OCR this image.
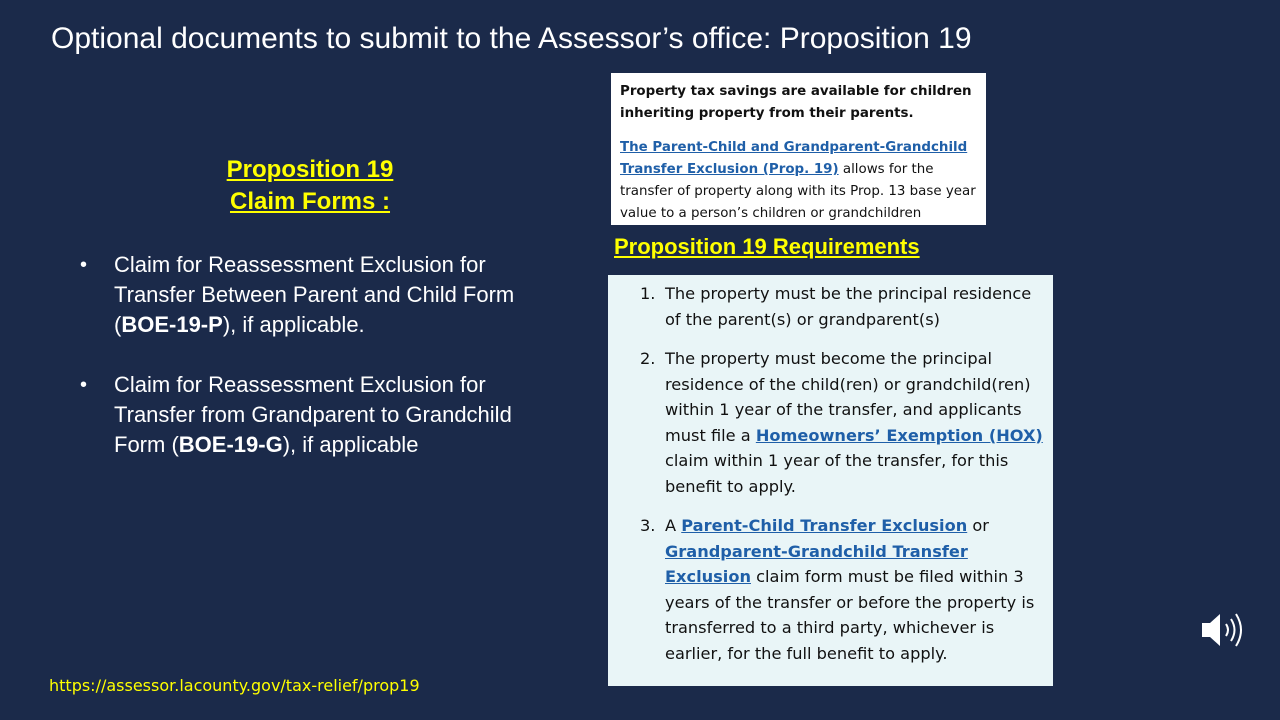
Optional documents to submit to the Assessor’s office: Proposition 19
Proposition 19
Claim Forms :
• Claim for Reassessment Exclusion for Transfer Between Parent and Child Form (BOE-19-P), if applicable.
• Claim for Reassessment Exclusion for Transfer from Grandparent to Grandchild Form (BOE-19-G), if applicable
https://assessor.lacounty.gov/tax-relief/prop19

Property tax savings are available for children inheriting property from their parents.

The Parent-Child and Grandparent-Grandchild Transfer Exclusion (Prop. 19) allows for the transfer of property along with its Prop. 13 base year value to a person’s children or grandchildren

Proposition 19 Requirements
1. The property must be the principal residence of the parent(s) or grandparent(s)
2. The property must become the principal residence of the child(ren) or grandchild(ren) within 1 year of the transfer, and applicants must file a Homeowners’ Exemption (HOX) claim within 1 year of the transfer, for this benefit to apply.
3. A Parent-Child Transfer Exclusion or Grandparent-Grandchild Transfer Exclusion claim form must be filed within 3 years of the transfer or before the property is transferred to a third party, whichever is earlier, for the full benefit to apply.
